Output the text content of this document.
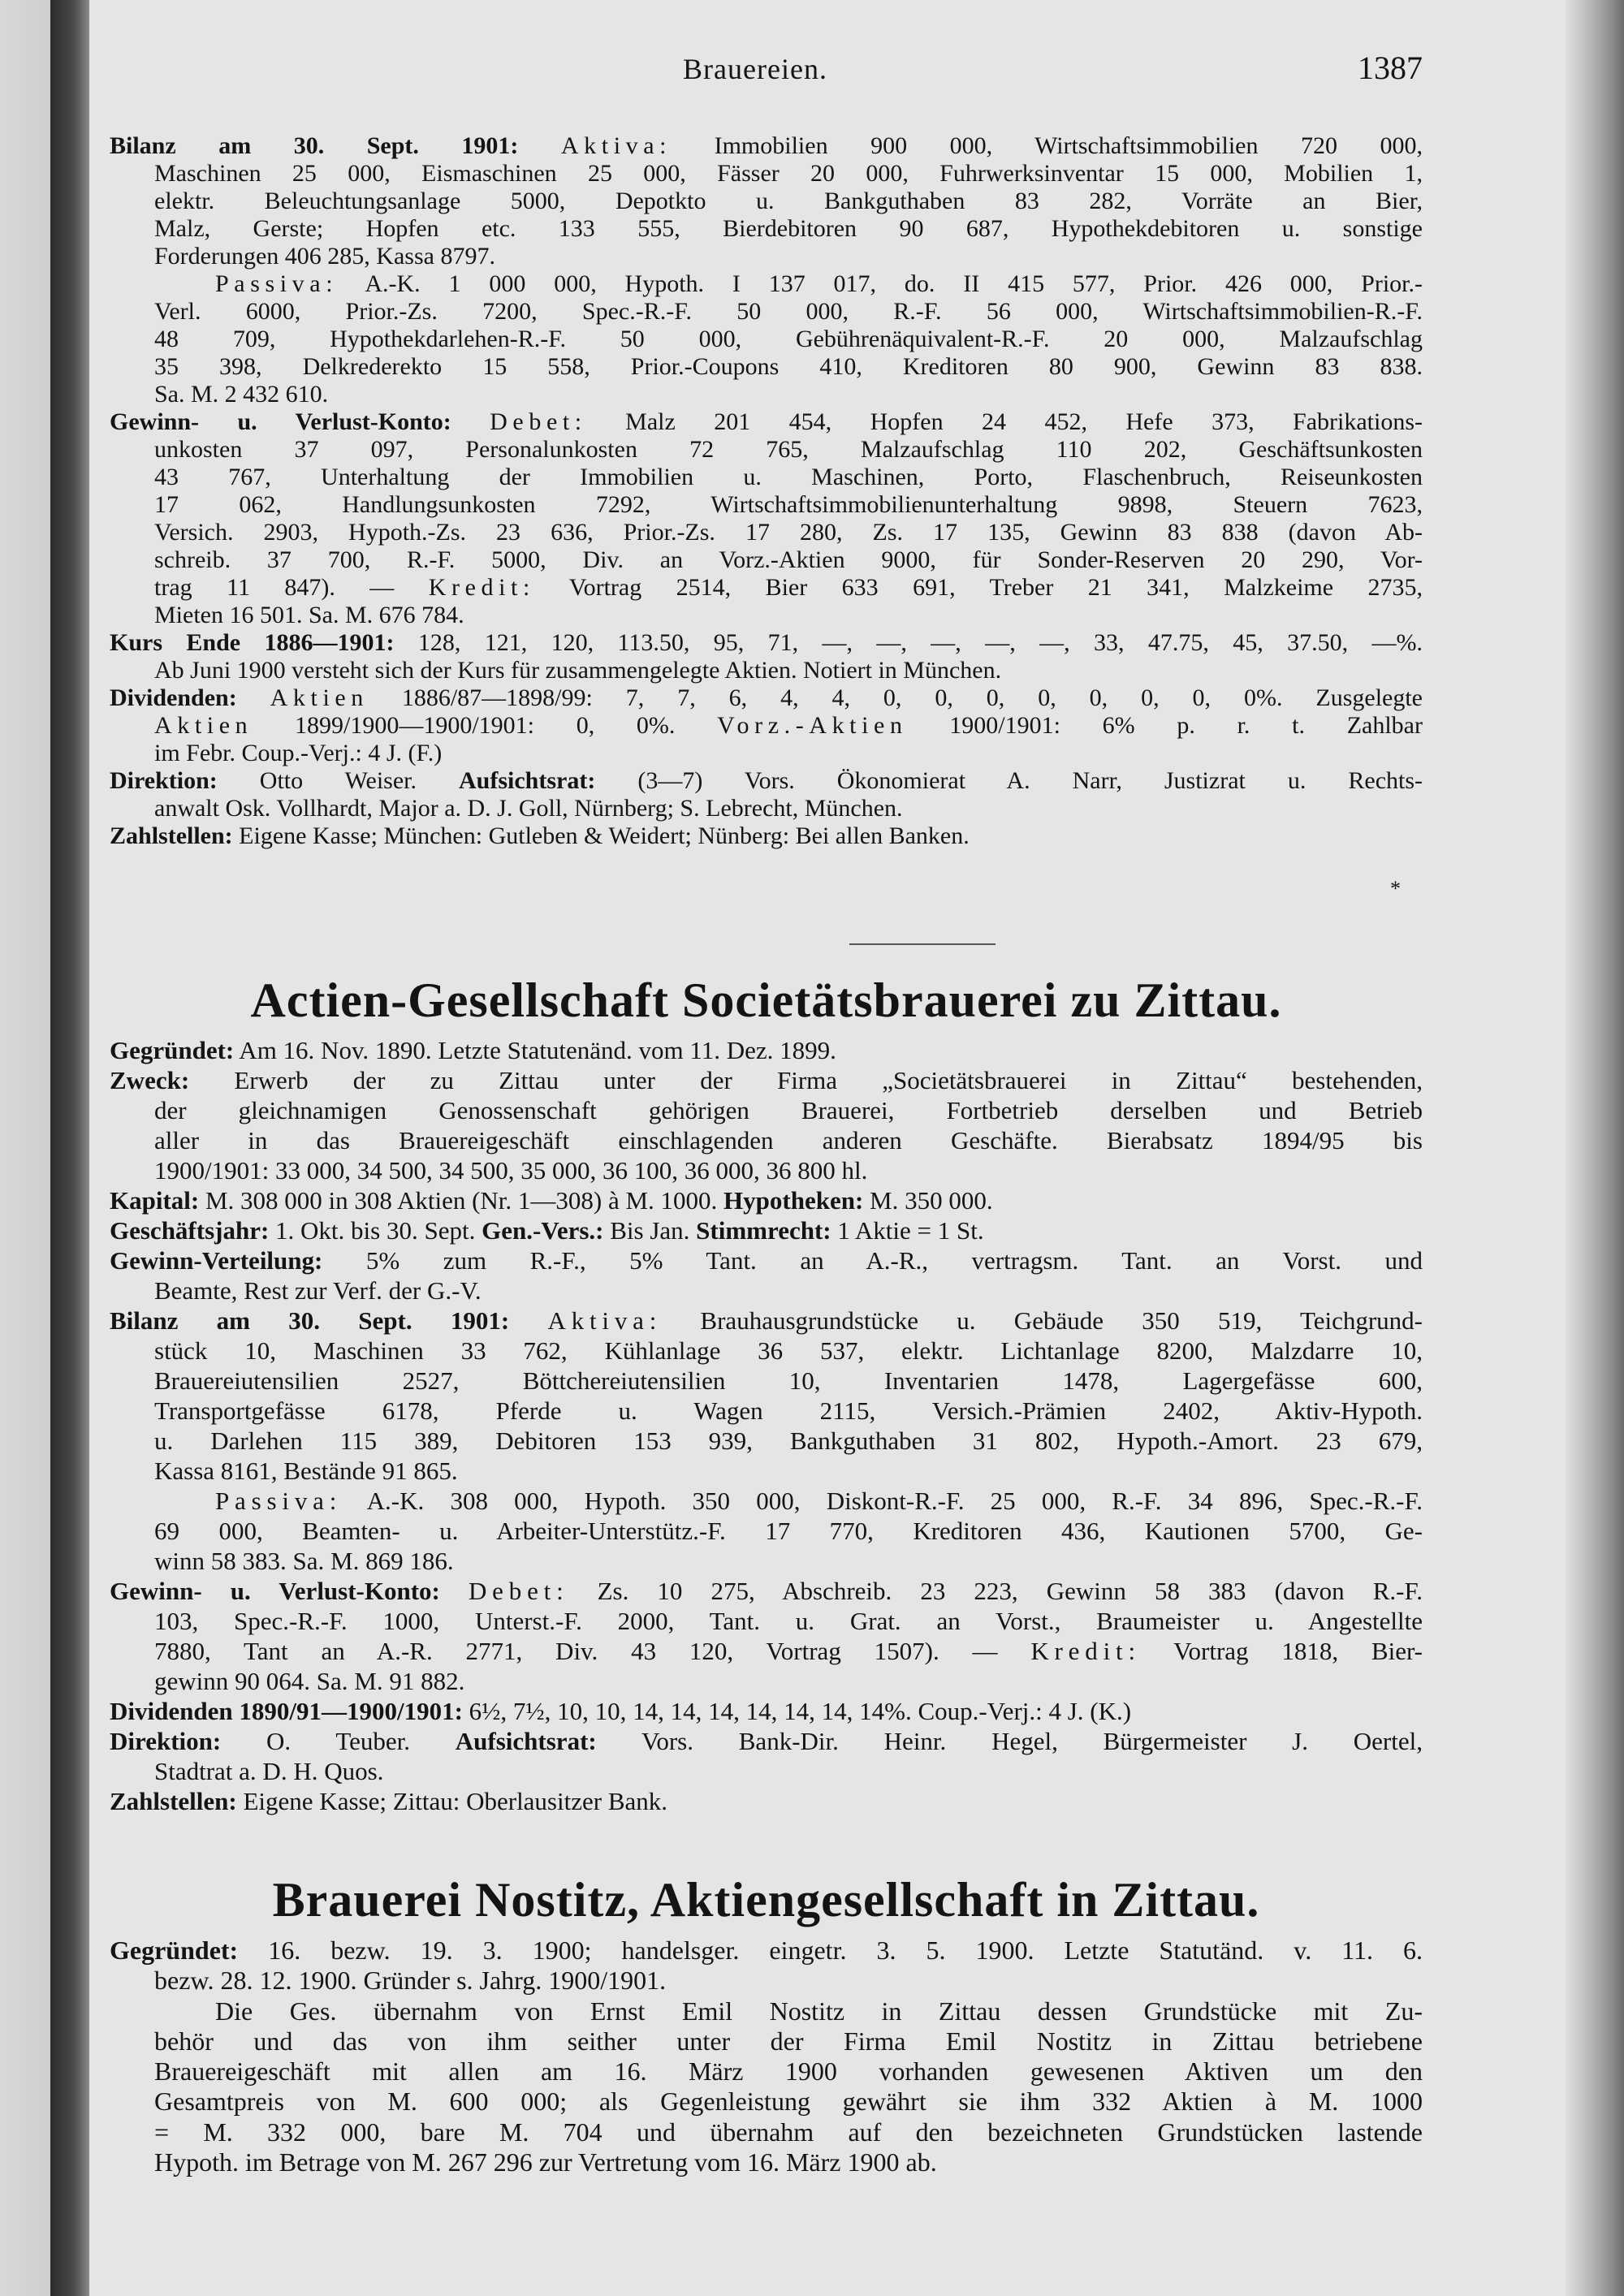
Brauereien.	1387
Bilanz am 30. Sept. 1901: Aktiva: Immobilien 900 000, Wirtschaftsimmobilien 720 000,
Maschinen 25 000, Eismaschinen 25 000, Fässer 20 000, Fuhrwerksinventar 15 000, Mobilien 1,
elektr. Beleuchtungsanlage 5000, Depotkto u. Bankguthaben 83 282, Vorräte an Bier,
Malz, Gerste; Hopfen etc. 133 555, Bierdebitoren 90 687, Hypothekdebitoren u. sonstige
Forderungen 406 285, Kassa 8797.
Passiva: A.-K. 1 000 000, Hypoth. I 137 017, do. II 415 577, Prior. 426 000, Prior.-
Verl. 6000, Prior.-Zs. 7200, Spec.-R.-F. 50 000, R.-F. 56 000, Wirtschaftsimmobilien-R.-F.
48 709, Hypothekdarlehen-R.-F. 50 000, Gebührenäquivalent-R.-F. 20 000, Malzaufschlag
35 398, Delkrederekto 15 558, Prior.-Coupons 410, Kreditoren 80 900, Gewinn 83 838.
Sa. M. 2 432 610.
Gewinn- u. Verlust-Konto: Debet: Malz 201 454, Hopfen 24 452, Hefe 373, Fabrikations-
unkosten 37 097, Personalunkosten 72 765, Malzaufschlag 110 202, Geschäftsunkosten
43 767, Unterhaltung der Immobilien u. Maschinen, Porto, Flaschenbruch, Reiseunkosten
17 062, Handlungsunkosten 7292, Wirtschaftsimmobilienunterhaltung 9898, Steuern 7623,
Versich. 2903, Hypoth.-Zs. 23 636, Prior.-Zs. 17 280, Zs. 17 135, Gewinn 83 838 (davon Ab-
schreib. 37 700, R.-F. 5000, Div. an Vorz.-Aktien 9000, für Sonder-Reserven 20 290, Vor-
trag 11 847). — Kredit: Vortrag 2514, Bier 633 691, Treber 21 341, Malzkeime 2735,
Mieten 16 501. Sa. M. 676 784.
Kurs Ende 1886—1901: 128, 121, 120, 113.50, 95, 71, —, —, —, —, —, 33, 47.75, 45, 37.50, —%.
Ab Juni 1900 versteht sich der Kurs für zusammengelegte Aktien. Notiert in München.
Dividenden: Aktien 1886/87—1898/99: 7, 7, 6, 4, 4, 0, 0, 0, 0, 0, 0, 0, 0%. Zusgelegte
Aktien 1899/1900—1900/1901: 0, 0%. Vorz.-Aktien 1900/1901: 6% p. r. t. Zahlbar
im Febr. Coup.-Verj.: 4 J. (F.)
Direktion: Otto Weiser. Aufsichtsrat: (3—7) Vors. Ökonomierat A. Narr, Justizrat u. Rechts-
anwalt Osk. Vollhardt, Major a. D. J. Goll, Nürnberg; S. Lebrecht, München.
Zahlstellen: Eigene Kasse; München: Gutleben & Weidert; Nünberg: Bei allen Banken.
*
Actien-Gesellschaft Societätsbrauerei zu Zittau.
Gegründet: Am 16. Nov. 1890. Letzte Statutenänd. vom 11. Dez. 1899.
Zweck: Erwerb der zu Zittau unter der Firma „Societätsbrauerei in Zittau“ bestehenden,
der gleichnamigen Genossenschaft gehörigen Brauerei, Fortbetrieb derselben und Betrieb
aller in das Brauereigeschäft einschlagenden anderen Geschäfte. Bierabsatz 1894/95 bis
1900/1901: 33 000, 34 500, 34 500, 35 000, 36 100, 36 000, 36 800 hl.
Kapital: M. 308 000 in 308 Aktien (Nr. 1—308) à M. 1000. Hypotheken: M. 350 000.
Geschäftsjahr: 1. Okt. bis 30. Sept. Gen.-Vers.: Bis Jan. Stimmrecht: 1 Aktie = 1 St.
Gewinn-Verteilung: 5% zum R.-F., 5% Tant. an A.-R., vertragsm. Tant. an Vorst. und
Beamte, Rest zur Verf. der G.-V.
Bilanz am 30. Sept. 1901: Aktiva: Brauhausgrundstücke u. Gebäude 350 519, Teichgrund-
stück 10, Maschinen 33 762, Kühlanlage 36 537, elektr. Lichtanlage 8200, Malzdarre 10,
Brauereiutensilien 2527, Böttchereiutensilien 10, Inventarien 1478, Lagergefässe 600,
Transportgefässe 6178, Pferde u. Wagen 2115, Versich.-Prämien 2402, Aktiv-Hypoth.
u. Darlehen 115 389, Debitoren 153 939, Bankguthaben 31 802, Hypoth.-Amort. 23 679,
Kassa 8161, Bestände 91 865.
Passiva: A.-K. 308 000, Hypoth. 350 000, Diskont-R.-F. 25 000, R.-F. 34 896, Spec.-R.-F.
69 000, Beamten- u. Arbeiter-Unterstütz.-F. 17 770, Kreditoren 436, Kautionen 5700, Ge-
winn 58 383. Sa. M. 869 186.
Gewinn- u. Verlust-Konto: Debet: Zs. 10 275, Abschreib. 23 223, Gewinn 58 383 (davon R.-F.
103, Spec.-R.-F. 1000, Unterst.-F. 2000, Tant. u. Grat. an Vorst., Braumeister u. Angestellte
7880, Tant an A.-R. 2771, Div. 43 120, Vortrag 1507). — Kredit: Vortrag 1818, Bier-
gewinn 90 064. Sa. M. 91 882.
Dividenden 1890/91—1900/1901: 6½, 7½, 10, 10, 14, 14, 14, 14, 14, 14, 14%. Coup.-Verj.: 4 J. (K.)
Direktion: O. Teuber. Aufsichtsrat: Vors. Bank-Dir. Heinr. Hegel, Bürgermeister J. Oertel,
Stadtrat a. D. H. Quos.
Zahlstellen: Eigene Kasse; Zittau: Oberlausitzer Bank.
Brauerei Nostitz, Aktiengesellschaft in Zittau.
Gegründet: 16. bezw. 19. 3. 1900; handelsger. eingetr. 3. 5. 1900. Letzte Statutänd. v. 11. 6.
bezw. 28. 12. 1900. Gründer s. Jahrg. 1900/1901.
Die Ges. übernahm von Ernst Emil Nostitz in Zittau dessen Grundstücke mit Zu-
behör und das von ihm seither unter der Firma Emil Nostitz in Zittau betriebene
Brauereigeschäft mit allen am 16. März 1900 vorhanden gewesenen Aktiven um den
Gesamtpreis von M. 600 000; als Gegenleistung gewährt sie ihm 332 Aktien à M. 1000
= M. 332 000, bare M. 704 und übernahm auf den bezeichneten Grundstücken lastende
Hypoth. im Betrage von M. 267 296 zur Vertretung vom 16. März 1900 ab.
